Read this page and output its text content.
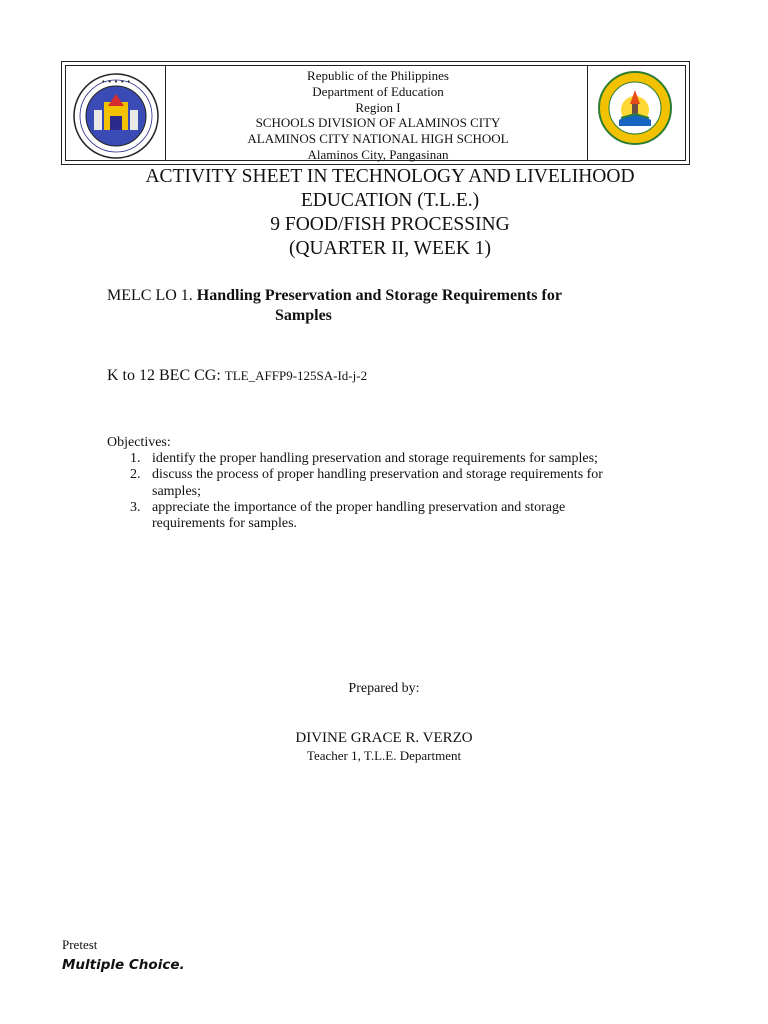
• • • • •	Republic of the Philippines
Department of Education
Region I
SCHOOLS DIVISION OF ALAMINOS CITY
ALAMINOS CITY NATIONAL HIGH SCHOOL
Alaminos City, Pangasinan
ACTIVITY SHEET IN TECHNOLOGY AND LIVELIHOOD
EDUCATION (T.L.E.)
9 FOOD/FISH PROCESSING
(QUARTER II, WEEK 1)
MELC LO 1. Handling Preservation and Storage Requirements for
Samples
K to 12 BEC CG: TLE_AFFP9-125SA-Id-j-2
Objectives:
1. identify the proper handling preservation and storage requirements for samples;
2. discuss the process of proper handling preservation and storage requirements for
samples;
3. appreciate the importance of the proper handling preservation and storage
requirements for samples.
Prepared by:
DIVINE GRACE R. VERZO
Teacher 1, T.L.E. Department
Pretest
Multiple Choice.
